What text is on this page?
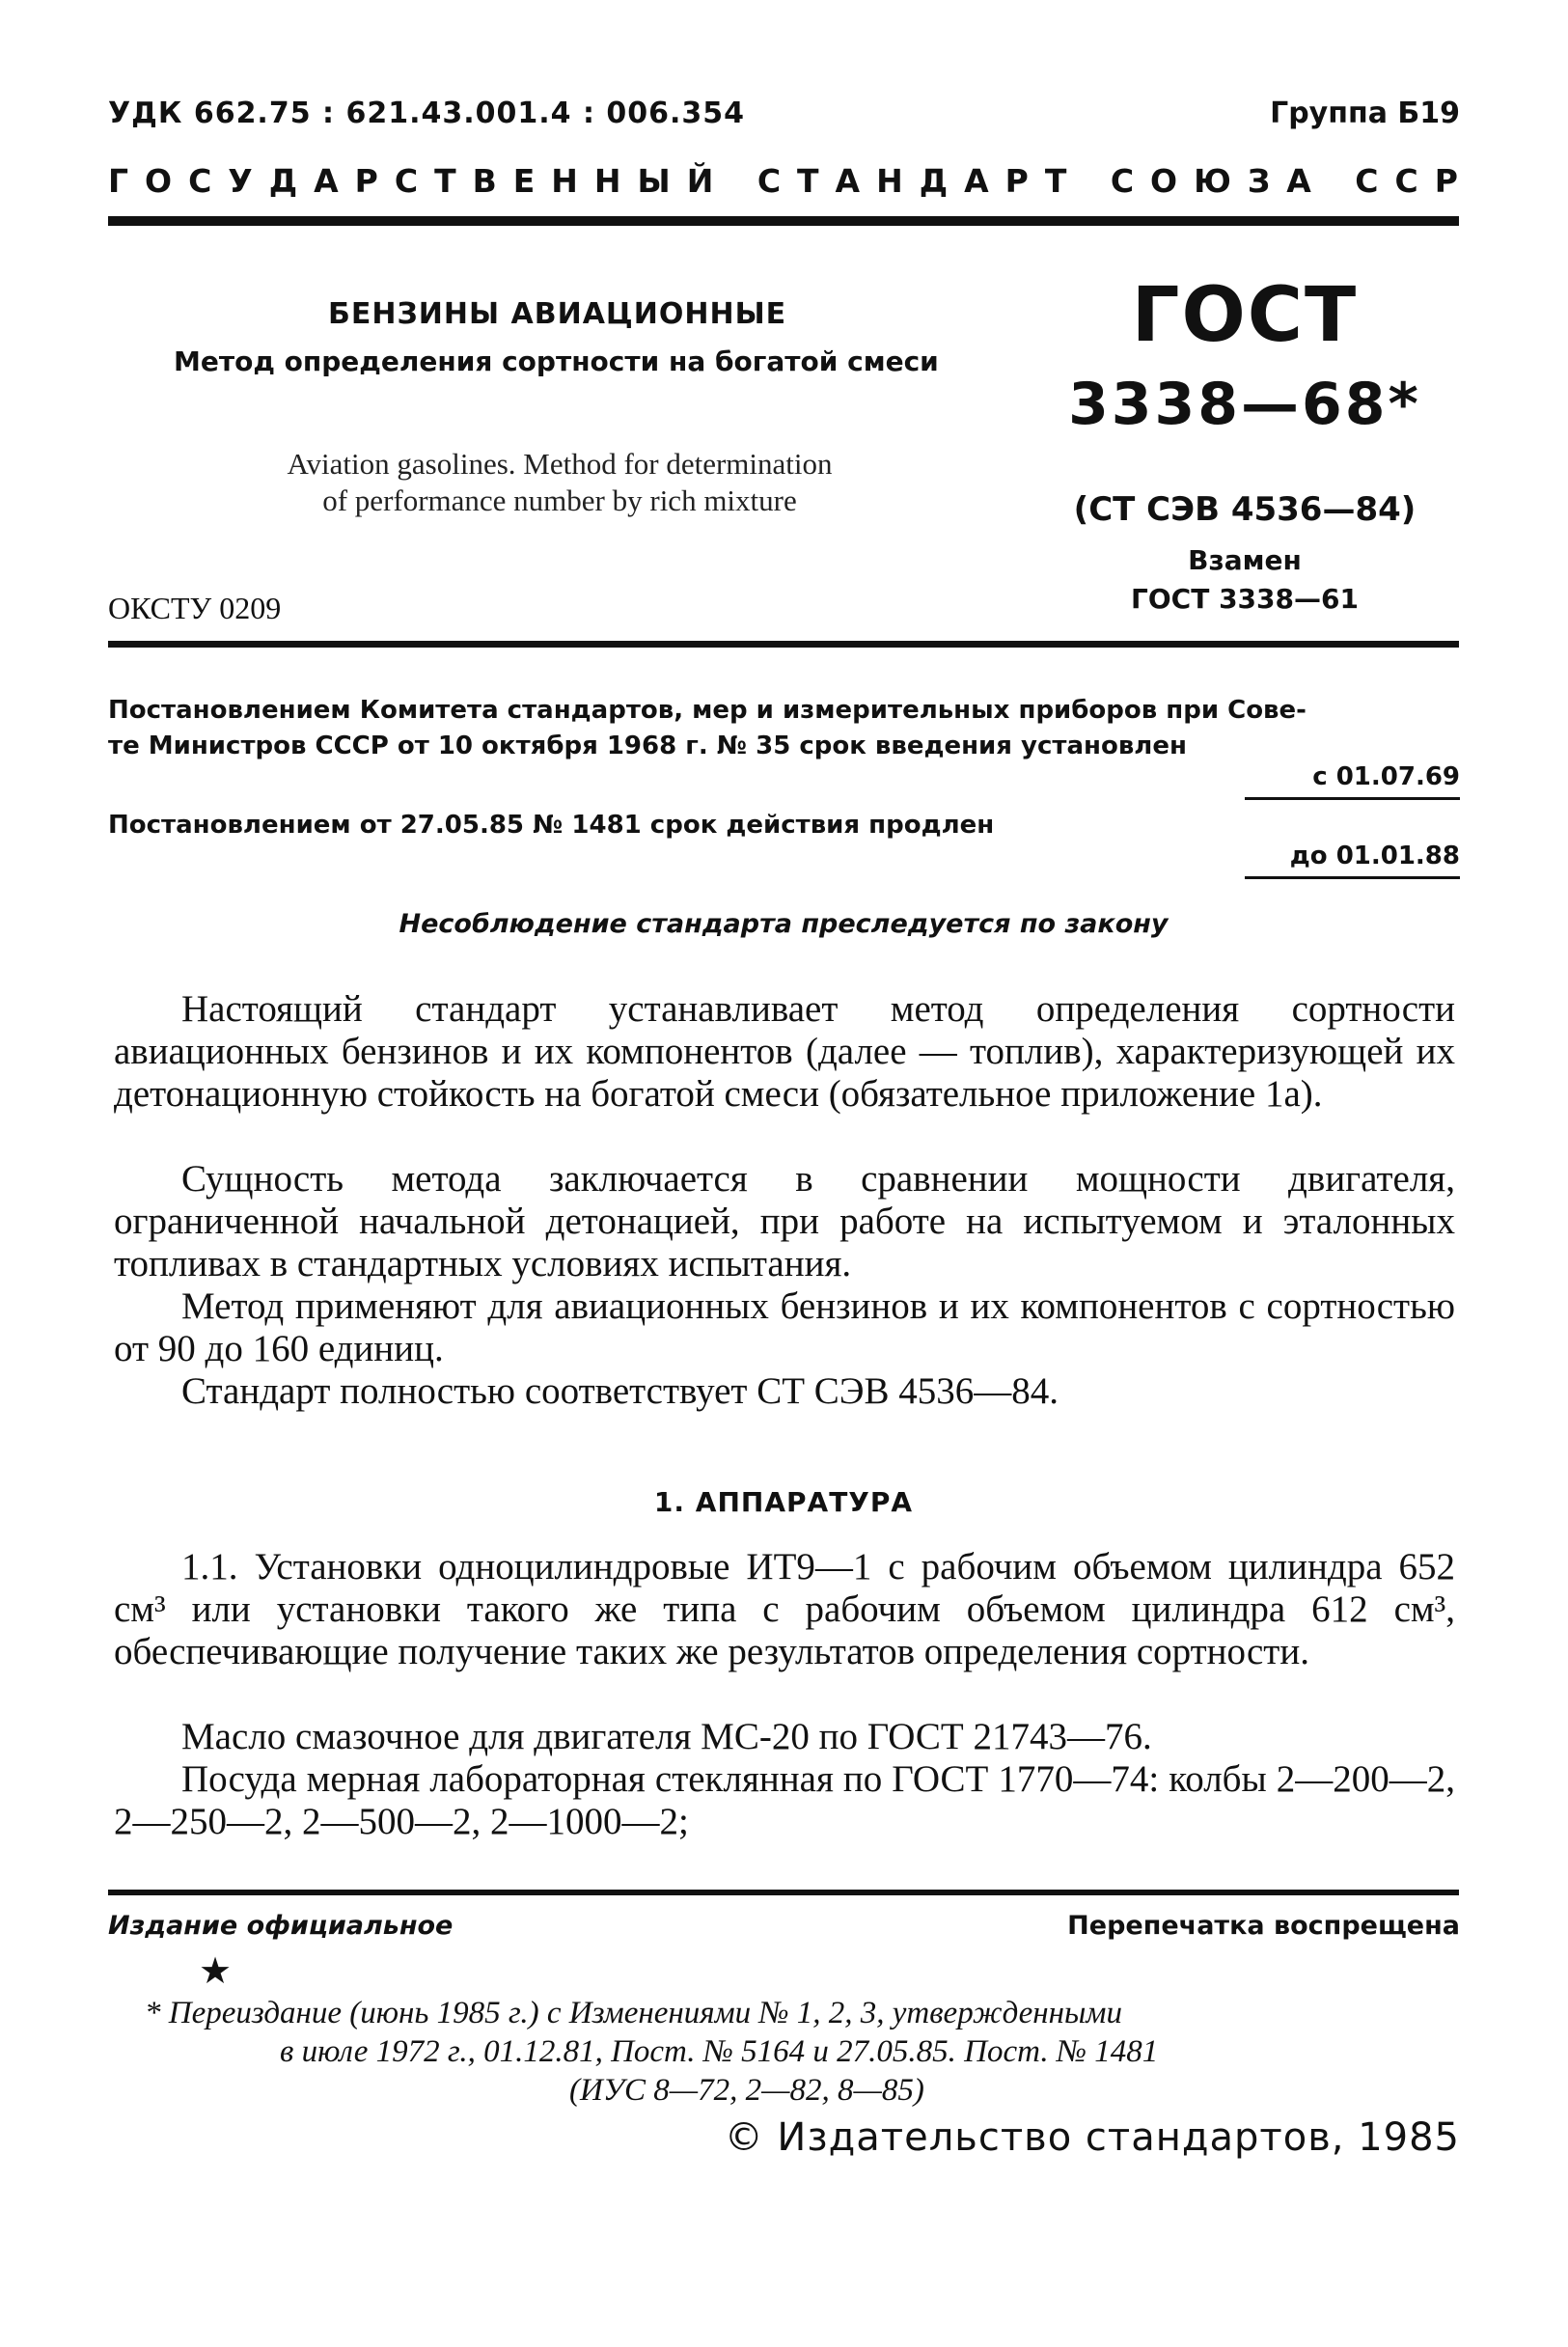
УДК 662.75 : 621.43.001.4 : 006.354	Группа Б19
ГОСУДАРСТВЕННЫЙ СТАНДАРТ СОЮЗА ССР
БЕНЗИНЫ АВИАЦИОННЫЕ
Метод определения сортности на богатой смеси
Aviation gasolines. Method for determination
of performance number by rich mixture
ОКСТУ 0209
ГОСТ
3338—68*
(СТ СЭВ 4536—84)
Взамен
ГОСТ 3338—61
Постановлением Комитета стандартов, мер и измерительных приборов при Сове-
те Министров СССР от 10 октября 1968 г. № 35 срок введения установлен
с 01.07.69
Постановлением от 27.05.85 № 1481 срок действия продлен
до 01.01.88
Несоблюдение стандарта преследуется по закону
Настоящий стандарт устанавливает метод определения сортности авиационных бензинов и их компонентов (далее — топлив), характеризующей их детонационную стойкость на богатой смеси (обязательное приложение 1а).
Сущность метода заключается в сравнении мощности двигателя, ограниченной начальной детонацией, при работе на испытуемом и эталонных топливах в стандартных условиях испытания.
Метод применяют для авиационных бензинов и их компонентов с сортностью от 90 до 160 единиц.
Стандарт полностью соответствует СТ СЭВ 4536—84.
1. АППАРАТУРА
1.1. Установки одноцилиндровые ИТ9—1 с рабочим объемом цилиндра 652 см³ или установки такого же типа с рабочим объемом цилиндра 612 см³, обеспечивающие получение таких же результатов определения сортности.
Масло смазочное для двигателя МС-20 по ГОСТ 21743—76.
Посуда мерная лабораторная стеклянная по ГОСТ 1770—74: колбы 2—200—2, 2—250—2, 2—500—2, 2—1000—2;
Издание официальное	Перепечатка воспрещена
★
* Переиздание (июнь 1985 г.) с Изменениями № 1, 2, 3, утвержденными
в июле 1972 г., 01.12.81, Пост. № 5164 и 27.05.85. Пост. № 1481
(ИУС 8—72, 2—82, 8—85)
© Издательство стандартов, 1985
